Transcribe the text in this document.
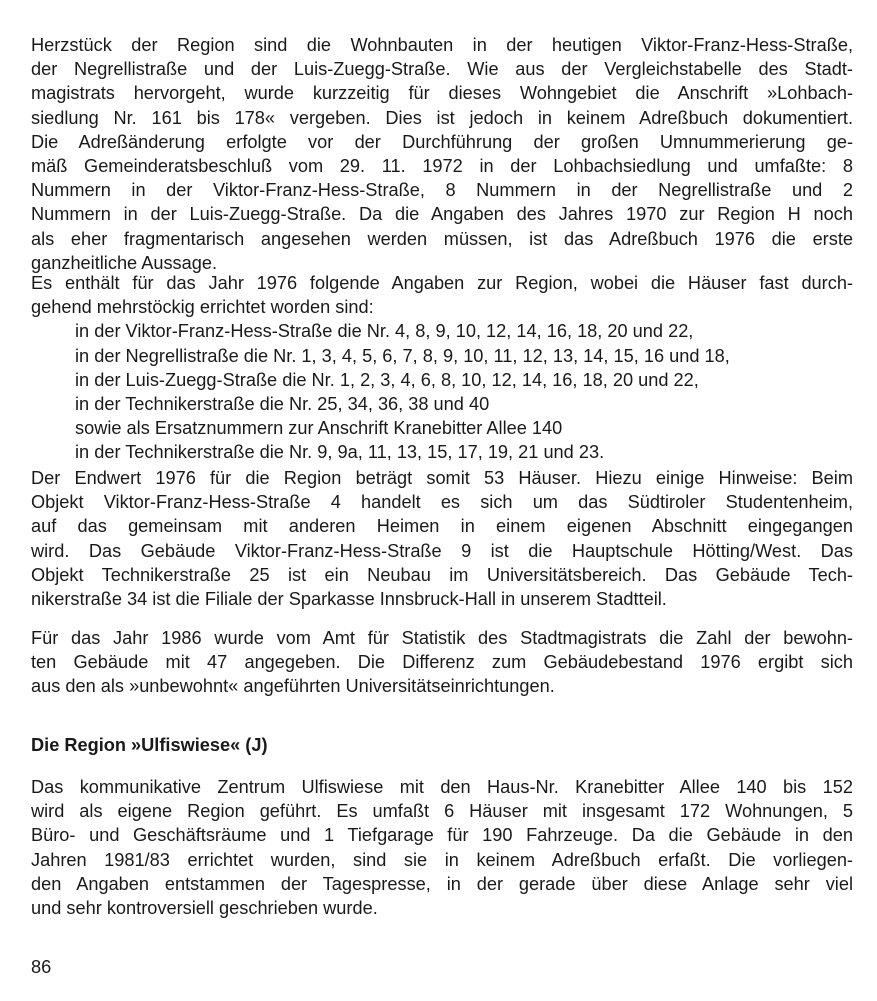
Herzstück der Region sind die Wohnbauten in der heutigen Viktor-Franz-Hess-Straße,
der Negrellistraße und der Luis-Zuegg-Straße. Wie aus der Vergleichstabelle des Stadt-
magistrats hervorgeht, wurde kurzzeitig für dieses Wohngebiet die Anschrift »Lohbach-
siedlung Nr. 161 bis 178« vergeben. Dies ist jedoch in keinem Adreßbuch dokumentiert.
Die Adreßänderung erfolgte vor der Durchführung der großen Umnummerierung ge-
mäß Gemeinderatsbeschluß vom 29. 11. 1972 in der Lohbachsiedlung und umfaßte: 8
Nummern in der Viktor-Franz-Hess-Straße, 8 Nummern in der Negrellistraße und 2
Nummern in der Luis-Zuegg-Straße. Da die Angaben des Jahres 1970 zur Region H noch
als eher fragmentarisch angesehen werden müssen, ist das Adreßbuch 1976 die erste
ganzheitliche Aussage.

Es enthält für das Jahr 1976 folgende Angaben zur Region, wobei die Häuser fast durch-
gehend mehrstöckig errichtet worden sind:
in der Viktor-Franz-Hess-Straße die Nr. 4, 8, 9, 10, 12, 14, 16, 18, 20 und 22,
in der Negrellistraße die Nr. 1, 3, 4, 5, 6, 7, 8, 9, 10, 11, 12, 13, 14, 15, 16 und 18,
in der Luis-Zuegg-Straße die Nr. 1, 2, 3, 4, 6, 8, 10, 12, 14, 16, 18, 20 und 22,
in der Technikerstraße die Nr. 25, 34, 36, 38 und 40
sowie als Ersatznummern zur Anschrift Kranebitter Allee 140
in der Technikerstraße die Nr. 9, 9a, 11, 13, 15, 17, 19, 21 und 23.

Der Endwert 1976 für die Region beträgt somit 53 Häuser. Hiezu einige Hinweise: Beim
Objekt Viktor-Franz-Hess-Straße 4 handelt es sich um das Südtiroler Studentenheim,
auf das gemeinsam mit anderen Heimen in einem eigenen Abschnitt eingegangen
wird. Das Gebäude Viktor-Franz-Hess-Straße 9 ist die Hauptschule Hötting/West. Das
Objekt Technikerstraße 25 ist ein Neubau im Universitätsbereich. Das Gebäude Tech-
nikerstraße 34 ist die Filiale der Sparkasse Innsbruck-Hall in unserem Stadtteil.

Für das Jahr 1986 wurde vom Amt für Statistik des Stadtmagistrats die Zahl der bewohn-
ten Gebäude mit 47 angegeben. Die Differenz zum Gebäudebestand 1976 ergibt sich
aus den als »unbewohnt« angeführten Universitätseinrichtungen.

Die Region »Ulfiswiese« (J)

Das kommunikative Zentrum Ulfiswiese mit den Haus-Nr. Kranebitter Allee 140 bis 152
wird als eigene Region geführt. Es umfaßt 6 Häuser mit insgesamt 172 Wohnungen, 5
Büro- und Geschäftsräume und 1 Tiefgarage für 190 Fahrzeuge. Da die Gebäude in den
Jahren 1981/83 errichtet wurden, sind sie in keinem Adreßbuch erfaßt. Die vorliegen-
den Angaben entstammen der Tagespresse, in der gerade über diese Anlage sehr viel
und sehr kontroversiell geschrieben wurde.

86
